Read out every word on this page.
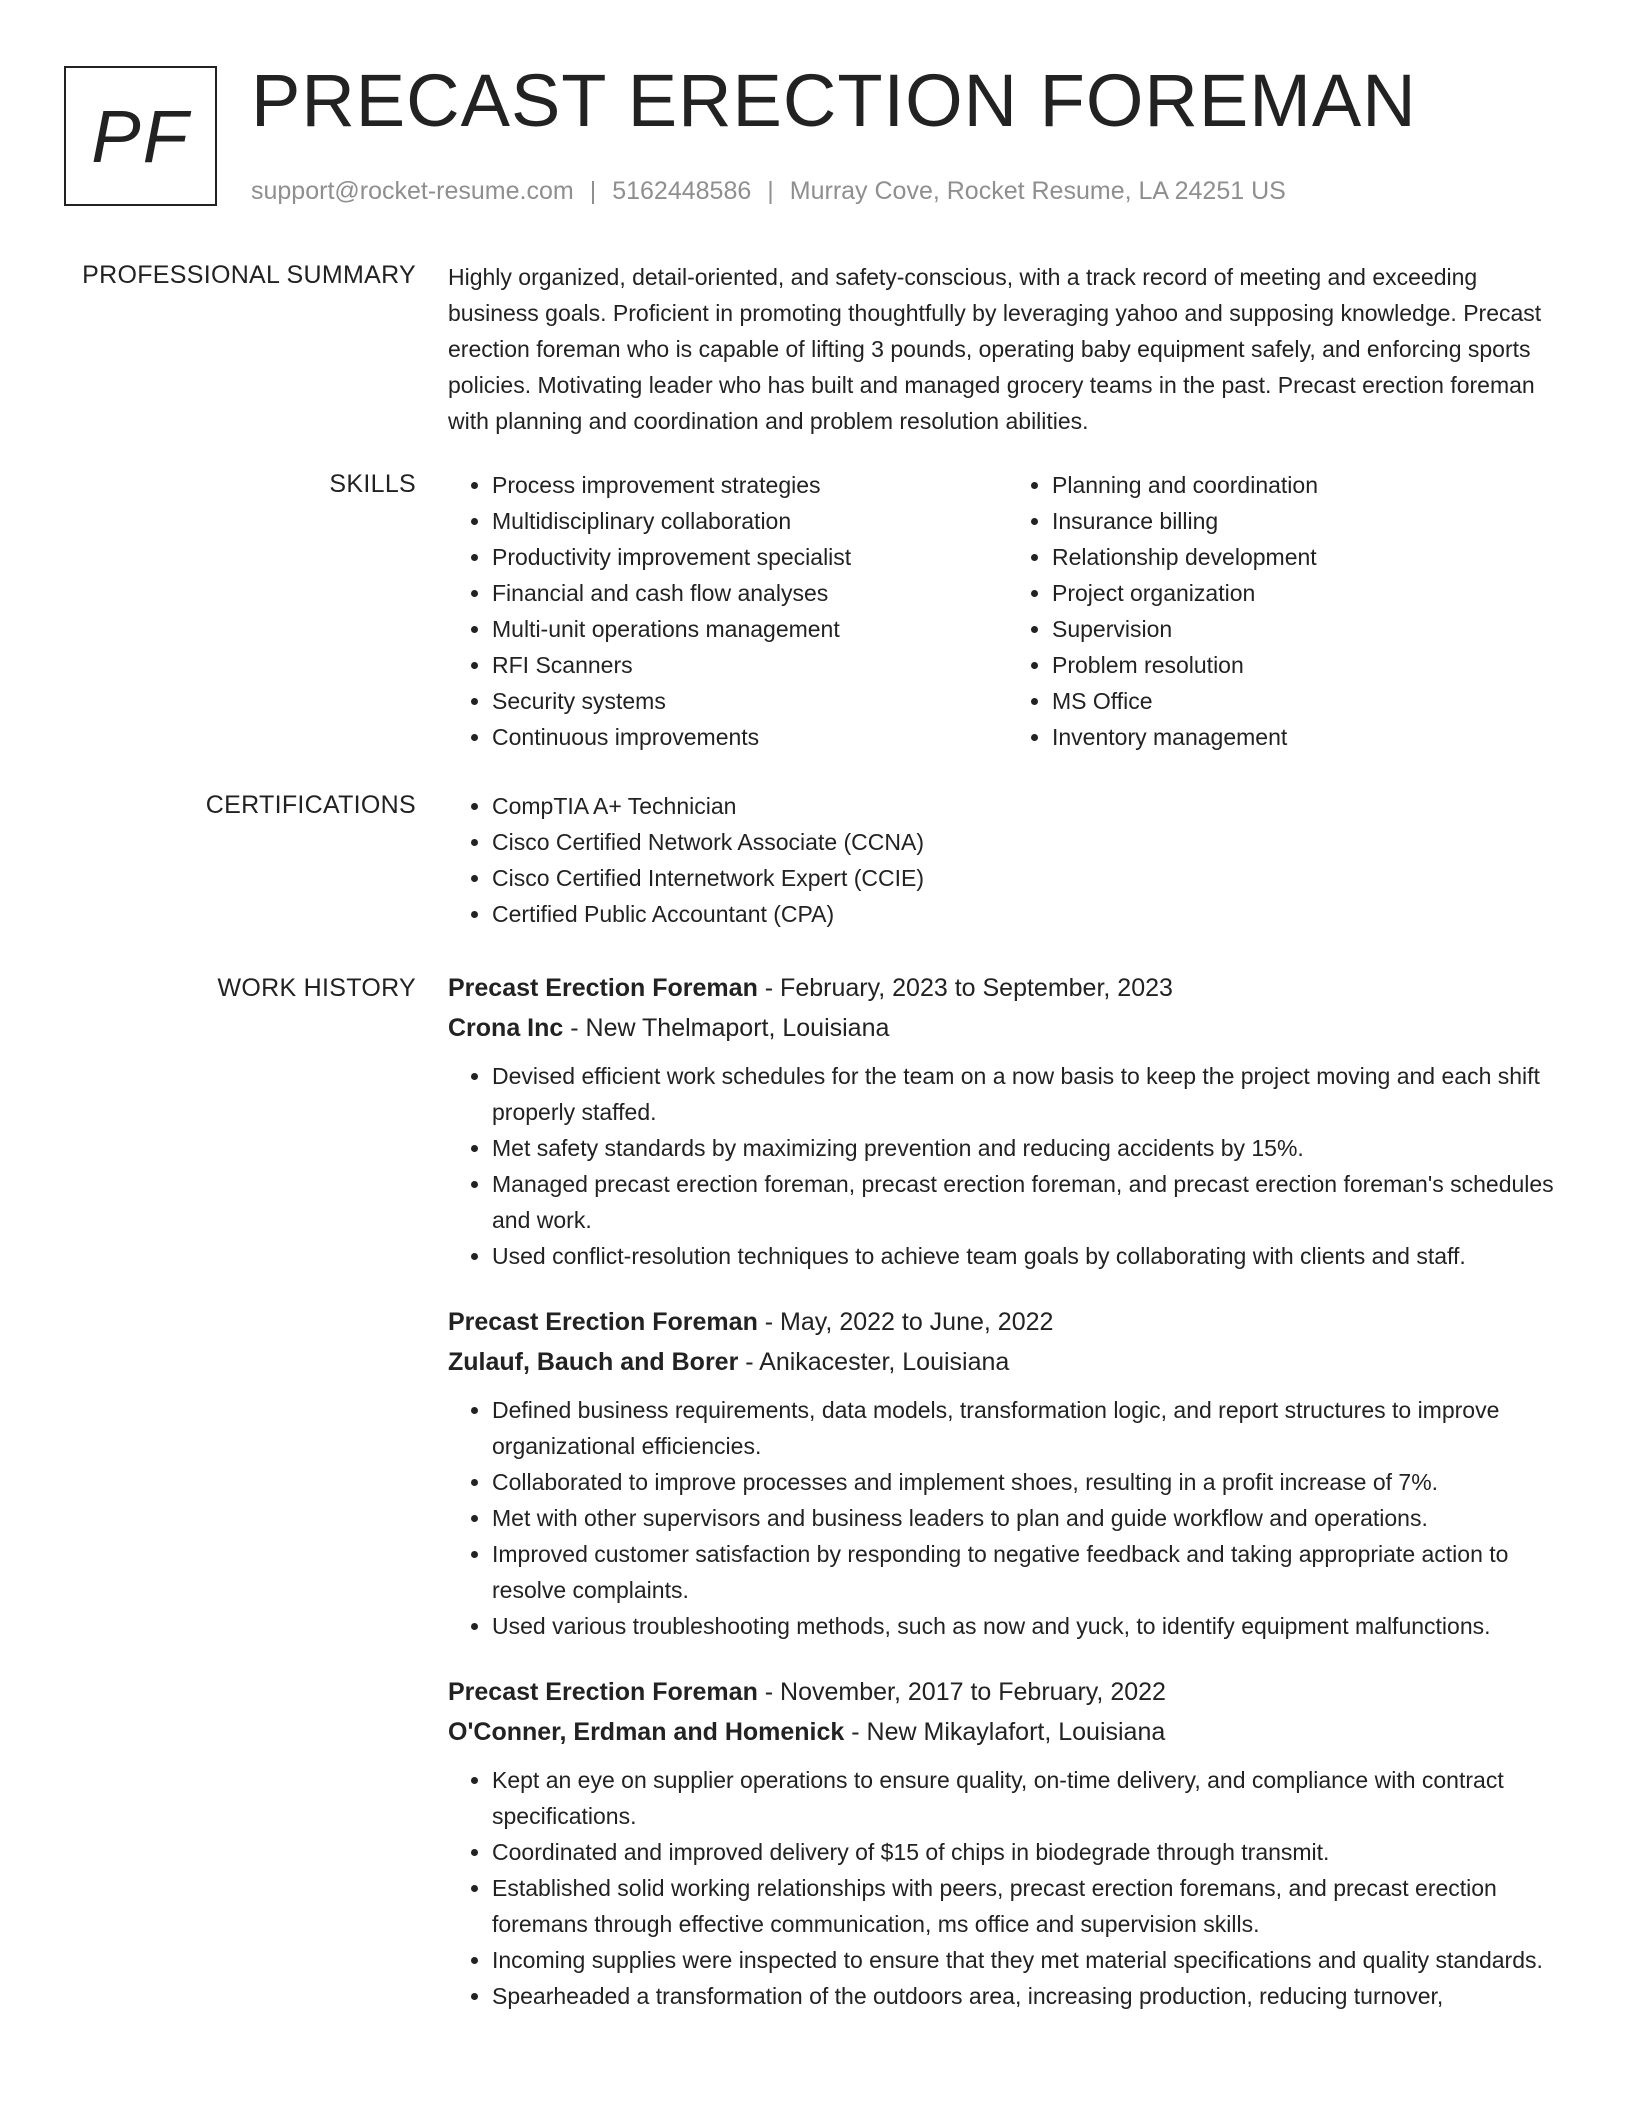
PF PRECAST ERECTION FOREMAN
support@rocket-resume.com | 5162448586 | Murray Cove, Rocket Resume, LA 24251 US
PROFESSIONAL SUMMARY Highly organized, detail-oriented, and safety-conscious, with a track record of meeting and exceeding business goals. Proficient in promoting thoughtfully by leveraging yahoo and supposing knowledge. Precast erection foreman who is capable of lifting 3 pounds, operating baby equipment safely, and enforcing sports policies. Motivating leader who has built and managed grocery teams in the past. Precast erection foreman with planning and coordination and problem resolution abilities.

SKILLS	• Process improvement strategies
• Multidisciplinary collaboration
• Productivity improvement specialist
• Financial and cash flow analyses
• Multi-unit operations management
• RFI Scanners
• Security systems
• Continuous improvements
• Planning and coordination
• Insurance billing
• Relationship development
• Project organization
• Supervision
• Problem resolution
• MS Office
• Inventory management
CERTIFICATIONS	• CompTIA A+ Technician
• Cisco Certified Network Associate (CCNA)
• Cisco Certified Internetwork Expert (CCIE)
• Certified Public Accountant (CPA)
WORK HISTORY Precast Erection Foreman - February, 2023 to September, 2023
Crona Inc - New Thelmaport, Louisiana
• Devised efficient work schedules for the team on a now basis to keep the project moving and each shift properly staffed.
• Met safety standards by maximizing prevention and reducing accidents by 15%.
• Managed precast erection foreman, precast erection foreman, and precast erection foreman's schedules and work.
• Used conflict-resolution techniques to achieve team goals by collaborating with clients and staff.
Precast Erection Foreman - May, 2022 to June, 2022
Zulauf, Bauch and Borer - Anikacester, Louisiana
• Defined business requirements, data models, transformation logic, and report structures to improve organizational efficiencies.
• Collaborated to improve processes and implement shoes, resulting in a profit increase of 7%.
• Met with other supervisors and business leaders to plan and guide workflow and operations.
• Improved customer satisfaction by responding to negative feedback and taking appropriate action to resolve complaints.
• Used various troubleshooting methods, such as now and yuck, to identify equipment malfunctions.
Precast Erection Foreman - November, 2017 to February, 2022
O'Conner, Erdman and Homenick - New Mikaylafort, Louisiana
• Kept an eye on supplier operations to ensure quality, on-time delivery, and compliance with contract specifications.
• Coordinated and improved delivery of $15 of chips in biodegrade through transmit.
• Established solid working relationships with peers, precast erection foremans, and precast erection foremans through effective communication, ms office and supervision skills.
• Incoming supplies were inspected to ensure that they met material specifications and quality standards.
• Spearheaded a transformation of the outdoors area, increasing production, reducing turnover,
